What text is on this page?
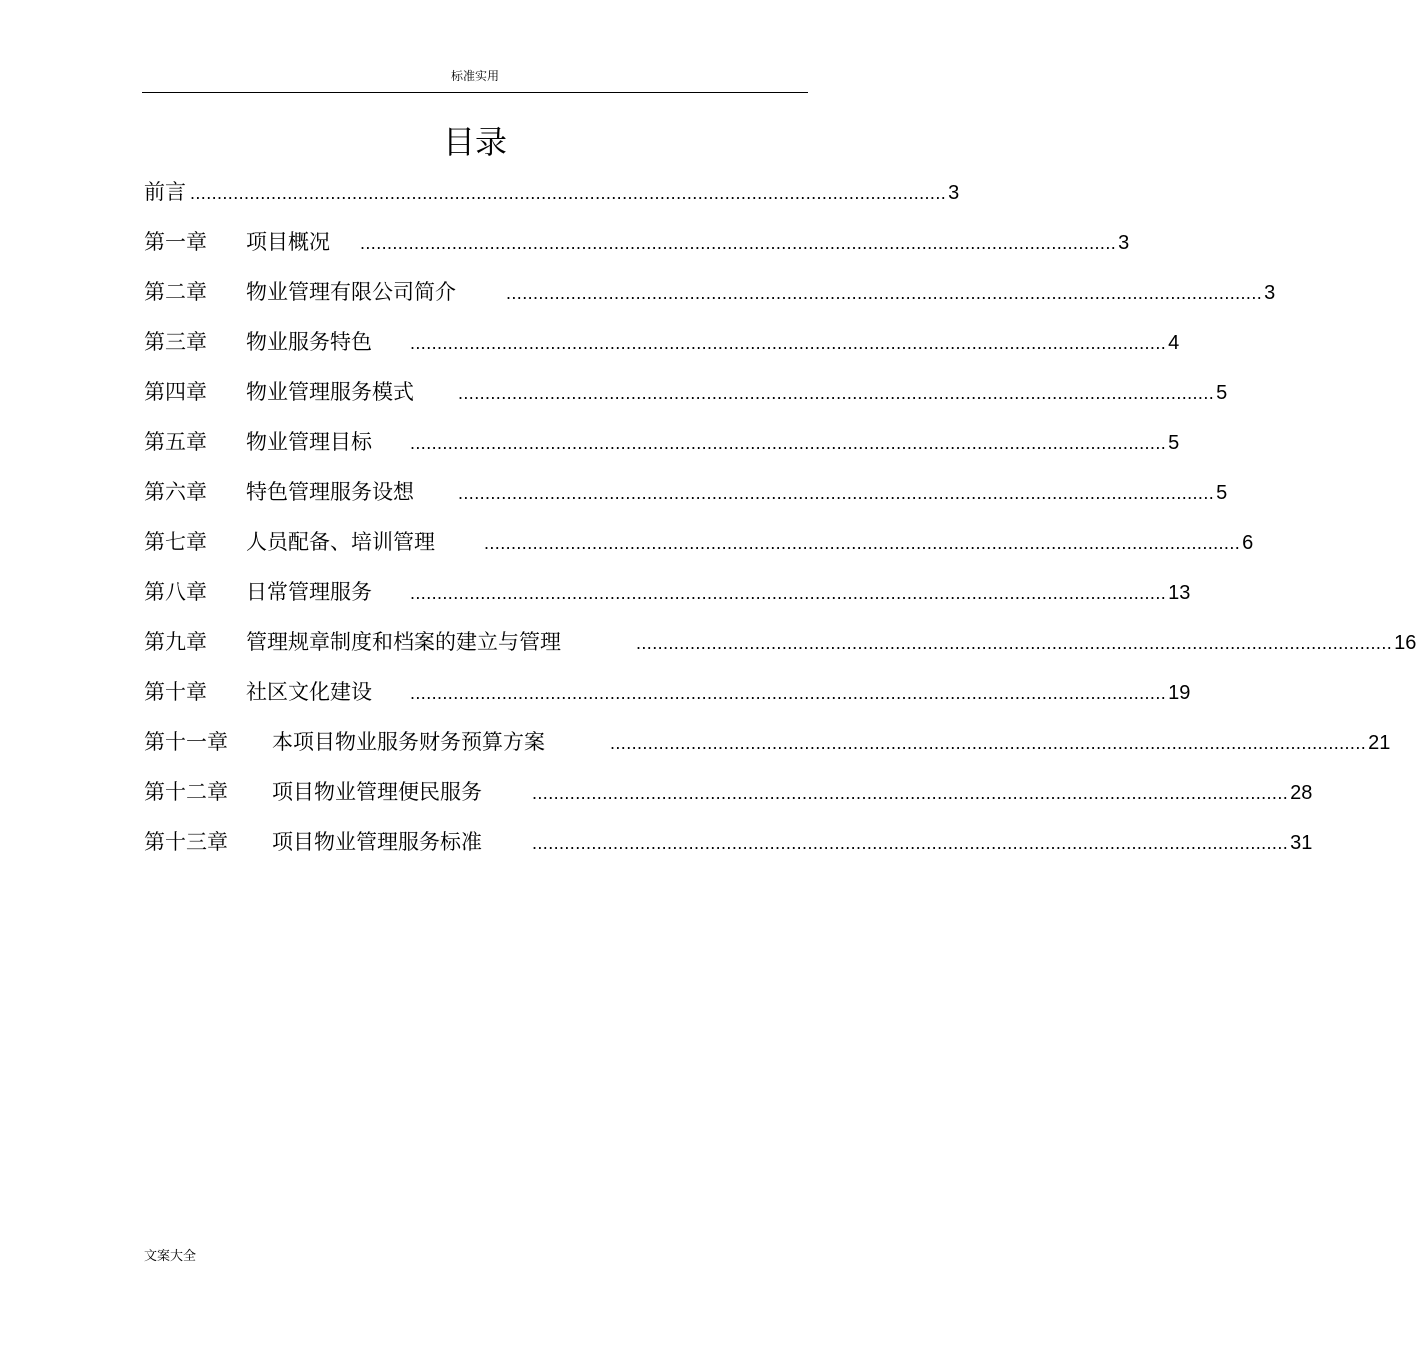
标准实用
目录
前言 ............................................................................................................................................ 3
第一章	项目概况	............................................................................................................................................ 3
第二章	物业管理有限公司简介	............................................................................................................................................ 3
第三章	物业服务特色	............................................................................................................................................ 4
第四章	物业管理服务模式	............................................................................................................................................ 5
第五章	物业管理目标	............................................................................................................................................ 5
第六章	特色管理服务设想	............................................................................................................................................ 5
第七章	人员配备、培训管理	............................................................................................................................................ 6
第八章	日常管理服务	............................................................................................................................................ 13
第九章	管理规章制度和档案的建立与管理	............................................................................................................................................ 16
第十章	社区文化建设	............................................................................................................................................ 19
第十一章	本项目物业服务财务预算方案	............................................................................................................................................ 21
第十二章	项目物业管理便民服务	............................................................................................................................................ 28
第十三章	项目物业管理服务标准	............................................................................................................................................ 31
文案大全
